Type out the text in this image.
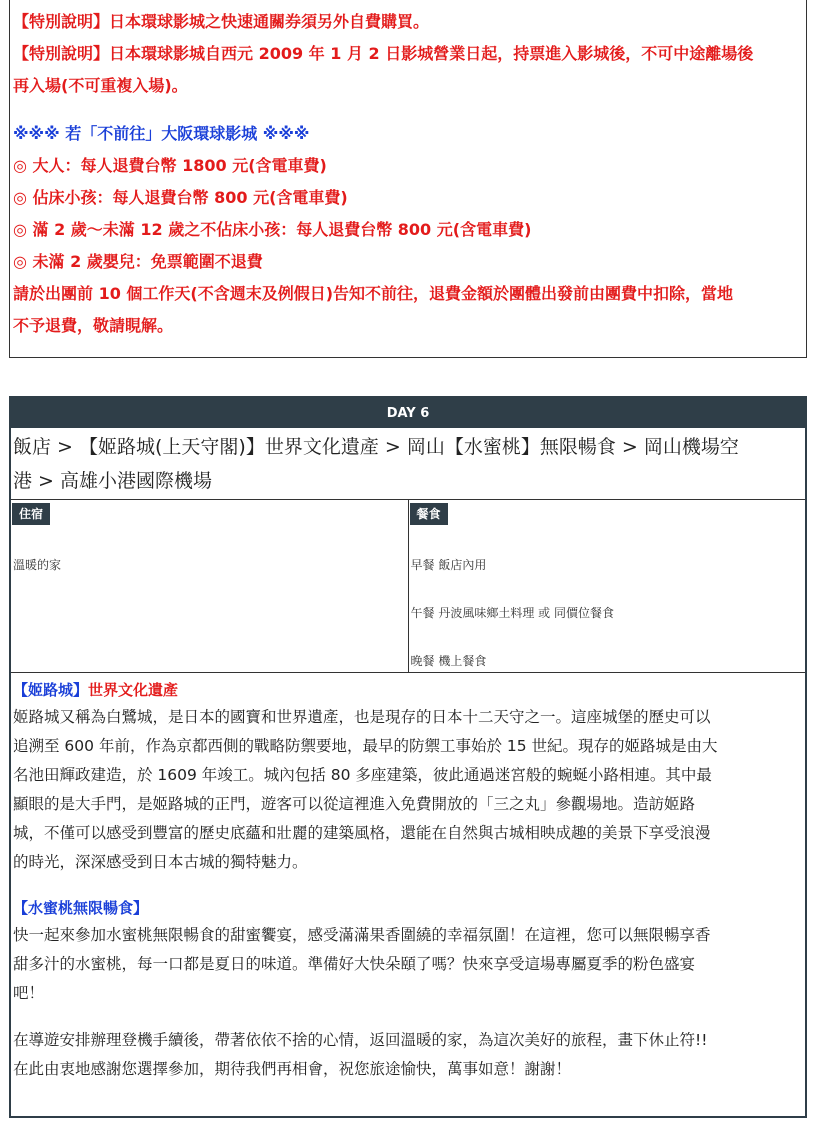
【特別說明】日本環球影城之快速通關券須另外自費購買。
【特別說明】日本環球影城自西元 2009 年 1 月 2 日影城營業日起，持票進入影城後，不可中途離場後
再入場(不可重複入場)。
※※※ 若「不前往」大阪環球影城 ※※※
◎ 大人：每人退費台幣 1800 元(含電車費)
◎ 佔床小孩：每人退費台幣 800 元(含電車費)
◎ 滿 2 歲～未滿 12 歲之不佔床小孩：每人退費台幣 800 元(含電車費)
◎ 未滿 2 歲嬰兒：免票範圍不退費
請於出團前 10 個工作天(不含週末及例假日)告知不前往，退費金額於團體出發前由團費中扣除，當地
不予退費，敬請睍解。
DAY 6
飯店 > 【姬路城(上天守閣)】世界文化遺產 > 岡山【水蜜桃】無限暢食 > 岡山機場空
港 > 高雄小港國際機場
住宿
溫暖的家
餐食
早餐 飯店內用
午餐 丹波風味鄉土料理 或 同價位餐食
晚餐 機上餐食
【姬路城】世界文化遺產
姬路城又稱為白鷺城，是日本的國寶和世界遺產，也是現存的日本十二天守之一。這座城堡的歷史可以
追溯至 600 年前，作為京都西側的戰略防禦要地，最早的防禦工事始於 15 世紀。現存的姬路城是由大
名池田輝政建造，於 1609 年竣工。城內包括 80 多座建築，彼此通過迷宮般的蜿蜒小路相連。其中最
顯眼的是大手門，是姬路城的正門，遊客可以從這裡進入免費開放的「三之丸」參觀場地。造訪姬路
城，不僅可以感受到豐富的歷史底蘊和壯麗的建築風格，還能在自然與古城相映成趣的美景下享受浪漫
的時光，深深感受到日本古城的獨特魅力。
【水蜜桃無限暢食】
快一起來參加水蜜桃無限暢食的甜蜜饗宴，感受滿滿果香圍繞的幸福氛圍！在這裡，您可以無限暢享香
甜多汁的水蜜桃，每一口都是夏日的味道。準備好大快朵頤了嗎？快來享受這場專屬夏季的粉色盛宴
吧！
在導遊安排辦理登機手續後，帶著依依不捨的心情，返回溫暖的家，為這次美好的旅程，畫下休止符!!
在此由衷地感謝您選擇參加，期待我們再相會，祝您旅途愉快，萬事如意！謝謝！
